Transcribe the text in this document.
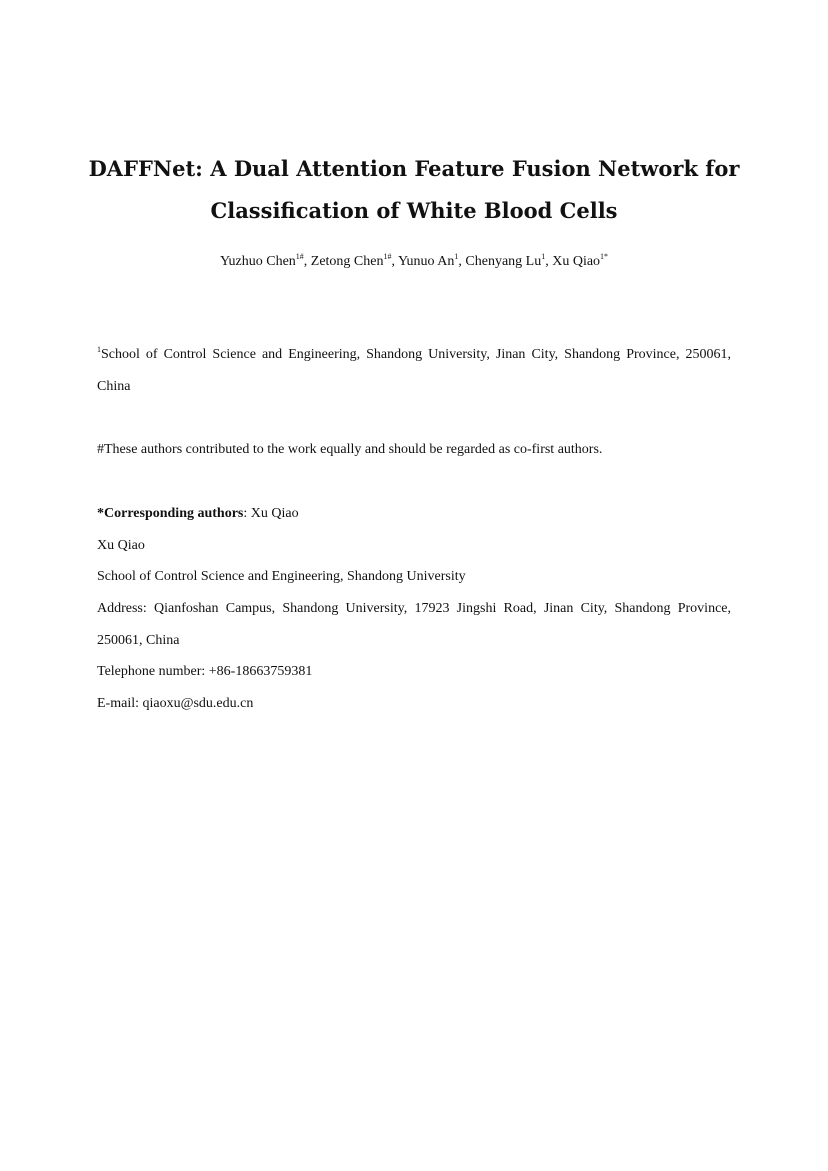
DAFFNet: A Dual Attention Feature Fusion Network for
Classification of White Blood Cells
Yuzhuo Chen$^{1\#}$, Zetong Chen$^{1\#}$, Yunuo An$^1$, Chenyang Lu$^1$, Xu Qiao$^{1*}$

$^1$School of Control Science and Engineering, Shandong University, Jinan City, Shandong Province, 250061,

China

#These authors contributed to the work equally and should be regarded as co-first authors.

*Corresponding authors: Xu Qiao

Xu Qiao

School of Control Science and Engineering, Shandong University

Address: Qianfoshan Campus, Shandong University, 17923 Jingshi Road, Jinan City, Shandong Province,

250061, China

Telephone number: +86-18663759381

E-mail: qiaoxu@sdu.edu.cn
